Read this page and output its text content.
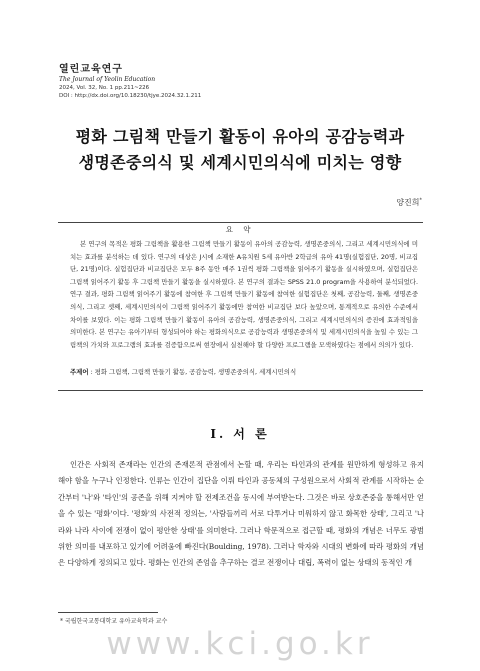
열린교육연구
The Journal of Yeolin Education
2024, Vol. 32, No. 1 pp.211~226
DOI : http://dx.doi.org/10.18230/tjye.2024.32.1.211
평화 그림책 만들기 활동이 유아의 공감능력과
생명존중의식 및 세계시민의식에 미치는 영향
양진희*
요 약
본 연구의 목적은 평화 그림책을 활용한 그림책 만들기 활동이 유아의 공감능력, 생명존중의식, 그리고 세계시민의식에 미치는 효과를 분석하는 데 있다. 연구의 대상은 J시에 소재한 A유치원 5세 유아반 2학급의 유아 41명(실험집단, 20명, 비교집단, 21명)이다. 실험집단과 비교집단은 모두 8주 동안 매주 1권씩 평화 그림책을 읽어주기 활동을 실시하였으며, 실험집단은 그림책 읽어주기 활동 후 그림책 만들기 활동을 실시하였다. 본 연구의 결과는 SPSS 21.0 program을 사용하여 분석되었다. 연구 결과, 평화 그림책 읽어주기 활동에 참여한 후 그림책 만들기 활동에 참여한 실험집단은 첫째, 공감능력, 둘째, 생명존중의식, 그리고 셋째, 세계시민의식이 그림책 읽어주기 활동에만 참여한 비교집단 보다 높았으며, 통계적으로 유의한 수준에서 차이를 보였다. 이는 평화 그림책 만들기 활동이 유아의 공감능력, 생명존중의식, 그리고 세계시민의식의 증진에 효과적임을 의미한다. 본 연구는 유아기부터 형성되어야 하는 평화의식으로 공감능력과 생명존중의식 및 세계시민의식을 높일 수 있는 그림책의 가치와 프로그램의 효과를 검증함으로써 현장에서 실천해야 할 다양한 프로그램을 모색하였다는 점에서 의의가 있다.
주제어 : 평화 그림책, 그림책 만들기 활동, 공감능력, 생명존중의식, 세계시민의식
Ⅰ. 서 론
인간은 사회적 존재라는 인간의 존재론적 관점에서 논할 때, 우리는 타인과의 관계를 원만하게 형성하고 유지해야 함을 누구나 인정한다. 인류는 인간이 집단을 이뤄 타인과 공동체의 구성원으로서 사회적 관계를 시작하는 순간부터 '나'와 '타인'의 공존을 위해 지켜야 할 전제조건을 동시에 부여받는다. 그것은 바로 상호존중을 통해서만 얻을 수 있는 '평화'이다. '평화'의 사전적 정의는, '사람들끼리 서로 다투거나 미워하지 않고 화목한 상태', 그리고 '나라와 나라 사이에 전쟁이 없이 평안한 상태'를 의미한다. 그러나 학문적으로 접근할 때, 평화의 개념은 너무도 광범위한 의미를 내포하고 있기에 어려움에 빠진다(Boulding, 1978). 그러나 학자와 시대의 변화에 따라 평화의 개념은 다양하게 정의되고 있다. 평화는 인간의 존엄을 추구하는 결코 전쟁이나 대립, 폭력이 없는 상태의 동적인 개
* 국립한국교통대학교 유아교육학과 교수
www.kci.go.kr
